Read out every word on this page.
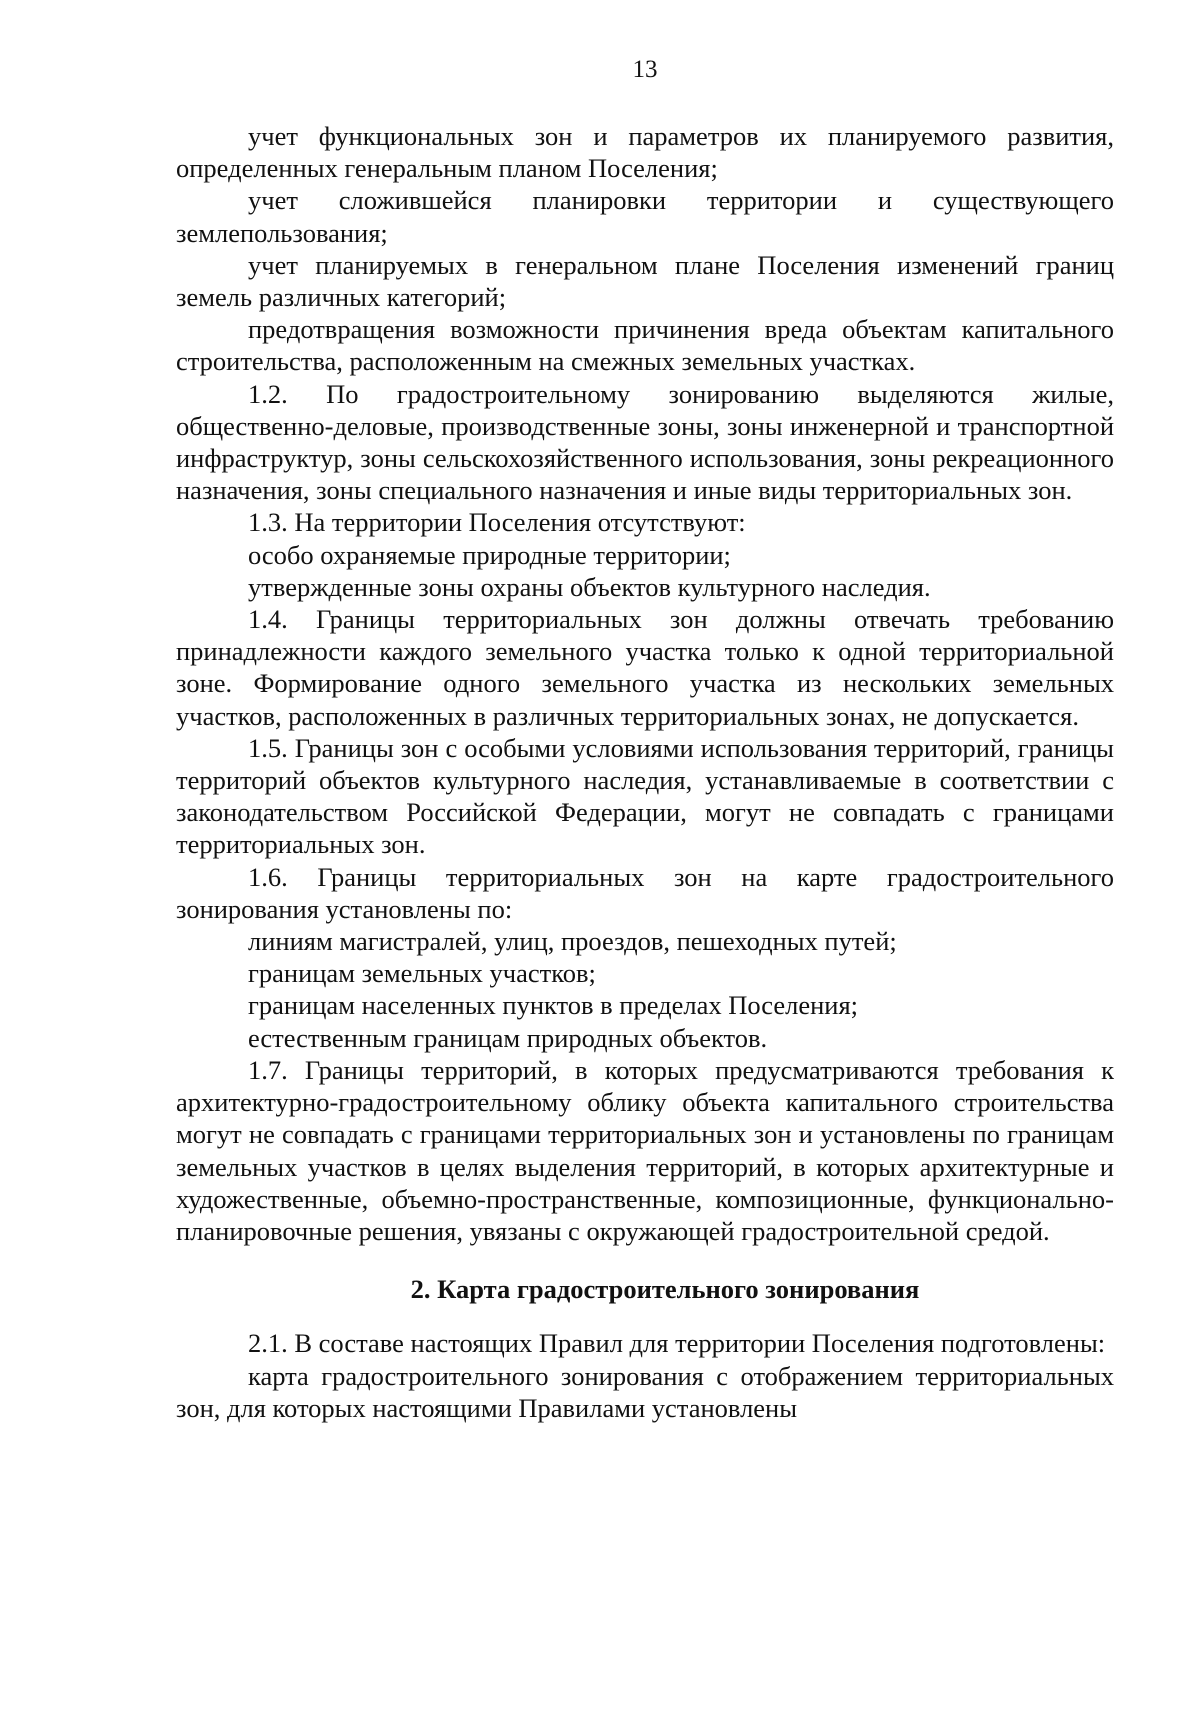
13

учет функциональных зон и параметров их планируемого развития, определенных генеральным планом Поселения;

учет сложившейся планировки территории и существующего землепользования;

учет планируемых в генеральном плане Поселения изменений границ земель различных категорий;

предотвращения возможности причинения вреда объектам капитального строительства, расположенным на смежных земельных участках.

1.2. По градостроительному зонированию выделяются жилые, общественно-деловые, производственные зоны, зоны инженерной и транспортной инфраструктур, зоны сельскохозяйственного использования, зоны рекреационного назначения, зоны специального назначения и иные виды территориальных зон.

1.3. На территории Поселения отсутствуют:

особо охраняемые природные территории;

утвержденные зоны охраны объектов культурного наследия.

1.4. Границы территориальных зон должны отвечать требованию принадлежности каждого земельного участка только к одной территориальной зоне. Формирование одного земельного участка из нескольких земельных участков, расположенных в различных территориальных зонах, не допускается.

1.5. Границы зон с особыми условиями использования территорий, границы территорий объектов культурного наследия, устанавливаемые в соответствии с законодательством Российской Федерации, могут не совпадать с границами территориальных зон.

1.6. Границы территориальных зон на карте градостроительного зонирования установлены по:

линиям магистралей, улиц, проездов, пешеходных путей;

границам земельных участков;

границам населенных пунктов в пределах Поселения;

естественным границам природных объектов.

1.7. Границы территорий, в которых предусматриваются требования к архитектурно-градостроительному облику объекта капитального строительства могут не совпадать с границами территориальных зон и установлены по границам земельных участков в целях выделения территорий, в которых архитектурные и художественные, объемно-пространственные, композиционные, функционально-планировочные решения, увязаны с окружающей градостроительной средой.

2. Карта градостроительного зонирования

2.1. В составе настоящих Правил для территории Поселения подготовлены:

карта градостроительного зонирования с отображением территориальных зон, для которых настоящими Правилами установлены
